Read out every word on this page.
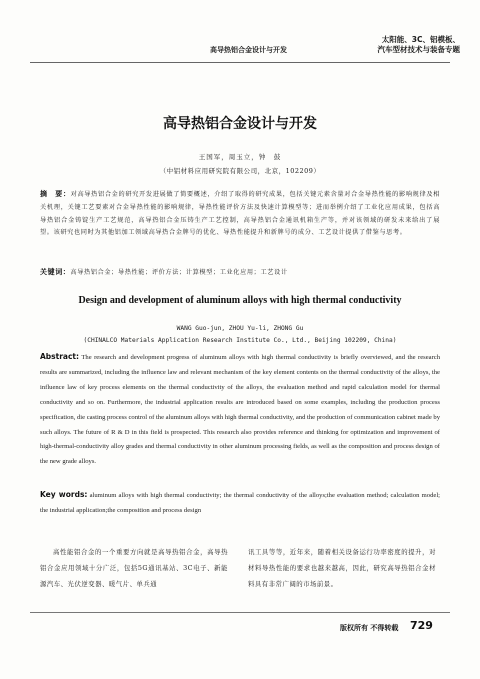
高导热铝合金设计与开发
太阳能、3C、铝模板、
汽车型材技术与装备专题
高导热铝合金设计与开发
王国军，周玉立，钟　鼓
（中铝材料应用研究院有限公司，北京，102209）
摘　要：对高导热铝合金的研究开发进展做了简要概述，介绍了取得的研究成果，包括关键元素含量对合金导热性能的影响规律及相关机理，关键工艺要素对合金导热性能的影响规律，导热性能评价方法及快速计算模型等；进而举例介绍了工业化应用成果，包括高导热铝合金铸锭生产工艺规范，高导热铝合金压铸生产工艺控制，高导热铝合金通讯机箱生产等，并对该领域的研发未来给出了展望。该研究也同时为其他铝加工领域高导热合金牌号的优化、导热性能提升和新牌号的成分、工艺设计提供了借鉴与思考。
关键词：高导热铝合金；导热性能；评价方法；计算模型；工业化应用；工艺设计
Design and development of aluminum alloys with high thermal conductivity
WANG Guo-jun, ZHOU Yu-li, ZHONG Gu
(CHINALCO Materials Application Research Institute Co., Ltd., Beijing 102209, China)
Abstract: The research and development progress of aluminum alloys with high thermal conductivity is briefly overviewed, and the research results are summarized, including the influence law and relevant mechanism of the key element contents on the thermal conductivity of the alloys, the influence law of key process elements on the thermal conductivity of the alloys, the evaluation method and rapid calculation model for thermal conductivity and so on. Furthermore, the industrial application results are introduced based on some examples, including the production process specification, die casting process control of the aluminum alloys with high thermal conductivity, and the production of communication cabinet made by such alloys. The future of R & D in this field is prospected. This research also provides reference and thinking for optimization and improvement of high-thermal-conductivity alloy grades and thermal conductivity in other aluminum processing fields, as well as the composition and process design of the new grade alloys.
Key words: aluminum alloys with high thermal conductivity; the thermal conductivity of the alloys;the evaluation method; calculation model; the industrial application;the composition and process design
高性能铝合金的一个重要方向就是高导热铝合金，高导热铝合金应用领域十分广泛，包括5G通讯基站、3C电子、新能源汽车、光伏逆变器、暖气片、单兵通
讯工具等等，近年来，随着相关设备运行功率密度的提升，对材料导热性能的要求也越来越高，因此，研究高导热铝合金材料具有非常广阔的市场前景。
版权所有 不得转载 729
